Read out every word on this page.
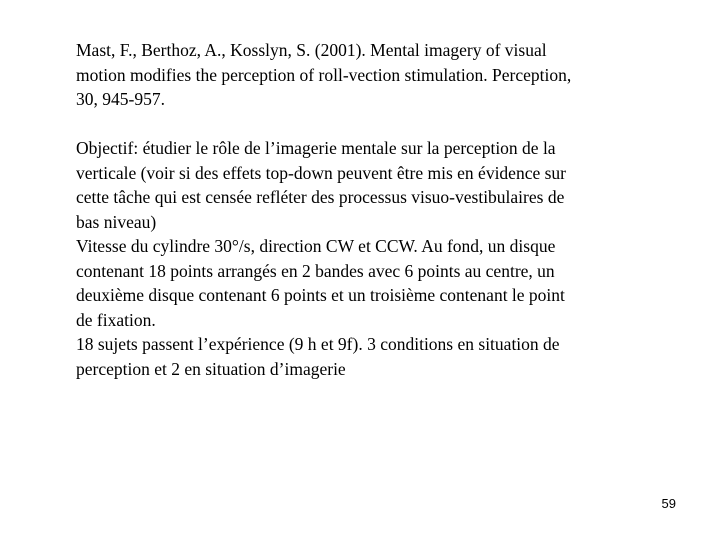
Mast, F., Berthoz, A., Kosslyn, S. (2001). Mental imagery of visual
motion modifies the perception of roll-vection stimulation. Perception,
30, 945-957.
Objectif: étudier le rôle de l’imagerie mentale sur la perception de la
verticale (voir si des effets top-down peuvent être mis en évidence sur
cette tâche qui est censée refléter des processus visuo-vestibulaires de
bas niveau)
Vitesse du cylindre 30°/s, direction CW et CCW. Au fond, un disque
contenant 18 points arrangés en 2 bandes avec 6 points au centre, un
deuxième disque contenant 6 points et un troisième contenant le point
de fixation.
18 sujets passent l’expérience (9 h et 9f). 3 conditions en situation de
perception et 2 en situation d’imagerie
59
